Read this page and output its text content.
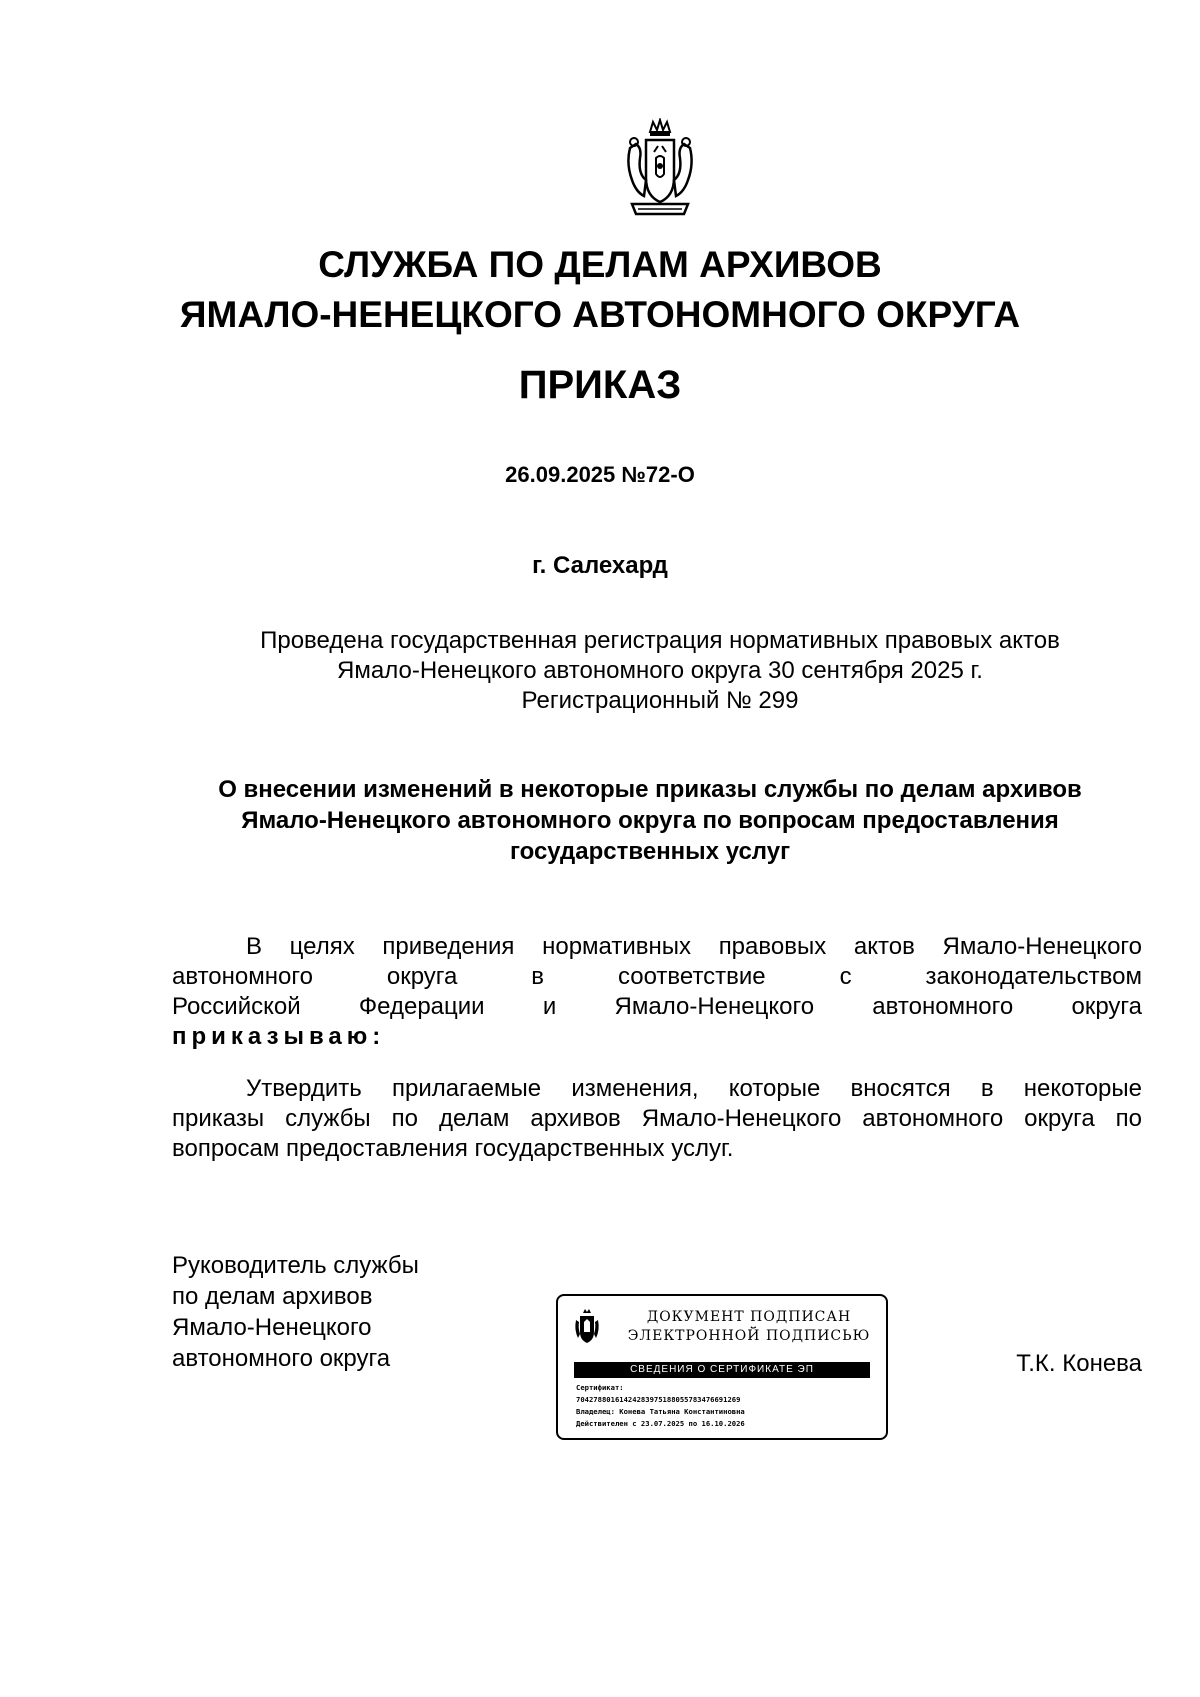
СЛУЖБА ПО ДЕЛАМ АРХИВОВ
ЯМАЛО-НЕНЕЦКОГО АВТОНОМНОГО ОКРУГА
ПРИКАЗ
26.09.2025 №72-О
г. Салехард
Проведена государственная регистрация нормативных правовых актов
Ямало-Ненецкого автономного округа 30 сентября 2025 г.
Регистрационный № 299
О внесении изменений в некоторые приказы службы по делам архивов
Ямало-Ненецкого автономного округа по вопросам предоставления
государственных услуг
В целях приведения нормативных правовых актов Ямало-Ненецкого
автономного округа в соответствие с законодательством
Российской Федерации и Ямало-Ненецкого автономного округа
приказываю:
Утвердить прилагаемые изменения, которые вносятся в некоторые
приказы службы по делам архивов Ямало-Ненецкого автономного округа по
вопросам предоставления государственных услуг.
Руководитель службы
по делам архивов
Ямало-Ненецкого
автономного округа
ДОКУМЕНТ ПОДПИСАН
ЭЛЕКТРОННОЙ ПОДПИСЬЮ
СВЕДЕНИЯ О СЕРТИФИКАТЕ ЭП
Сертификат:
70427880161424283975188055783476691269
Владелец: Конева Татьяна Константиновна
Действителен с 23.07.2025 по 16.10.2026
Т.К. Конева
